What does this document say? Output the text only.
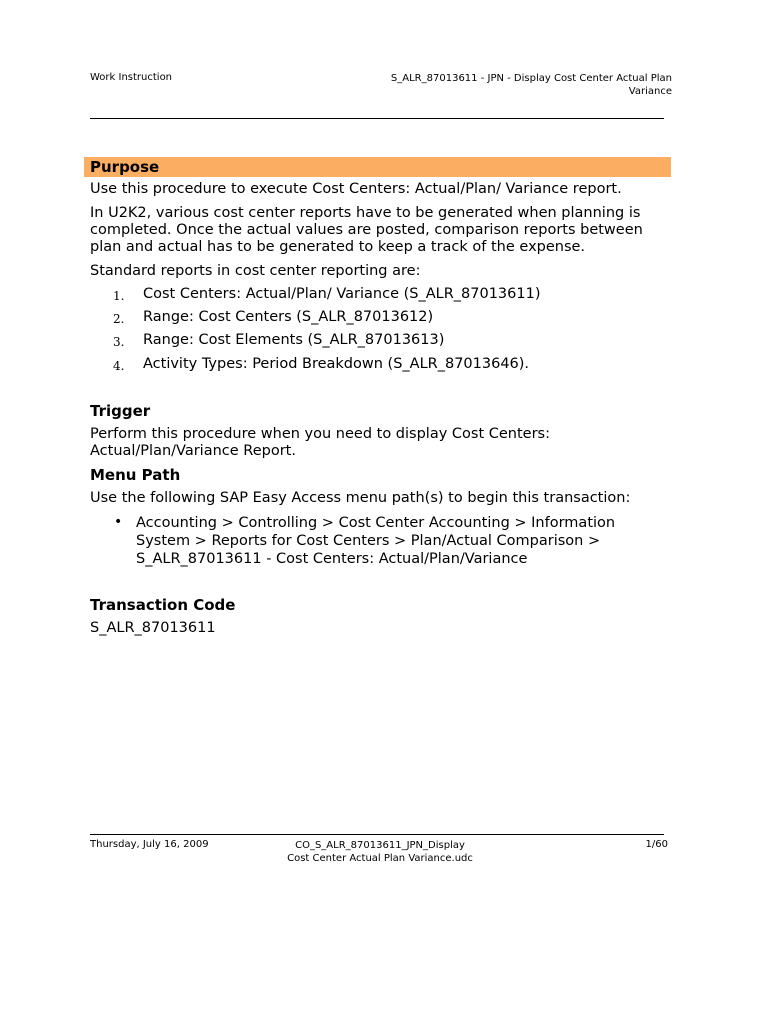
Work Instruction	S_ALR_87013611 - JPN - Display Cost Center Actual Plan
Variance
Purpose
Use this procedure to execute Cost Centers: Actual/Plan/ Variance report.
In U2K2, various cost center reports have to be generated when planning is completed. Once the actual values are posted, comparison reports between plan and actual has to be generated to keep a track of the expense.
Standard reports in cost center reporting are:
1. Cost Centers: Actual/Plan/ Variance (S_ALR_87013611)
2. Range: Cost Centers (S_ALR_87013612)
3. Range: Cost Elements (S_ALR_87013613)
4. Activity Types: Period Breakdown (S_ALR_87013646).
Trigger
Perform this procedure when you need to display Cost Centers: Actual/Plan/Variance Report.
Menu Path
Use the following SAP Easy Access menu path(s) to begin this transaction:
• Accounting > Controlling > Cost Center Accounting > Information System > Reports for Cost Centers > Plan/Actual Comparison > S_ALR_87013611 - Cost Centers: Actual/Plan/Variance
Transaction Code
S_ALR_87013611
Thursday, July 16, 2009	CO_S_ALR_87013611_JPN_Display
Cost Center Actual Plan Variance.udc
1/60
